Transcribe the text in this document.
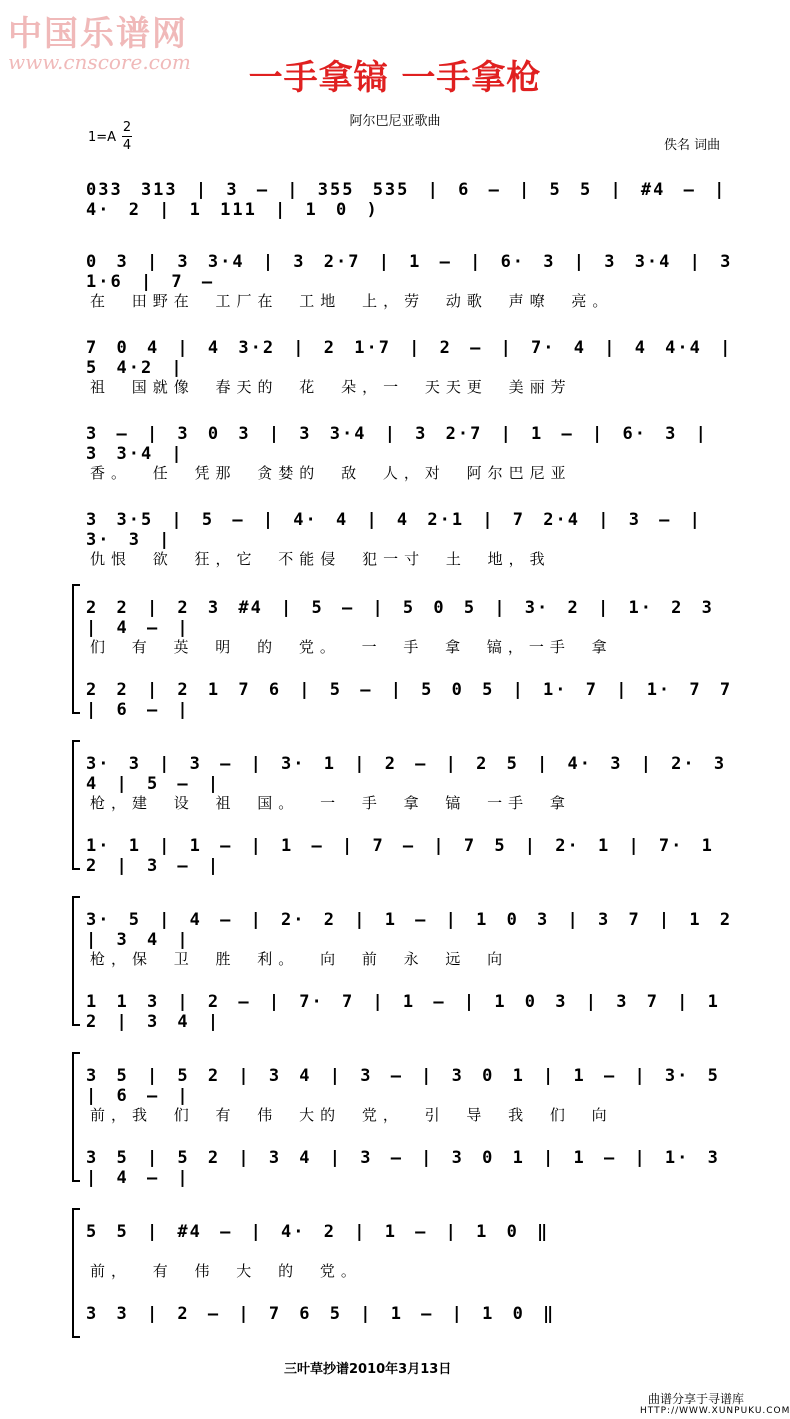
中国乐谱网
www.cnscore.com	一手拿镐 一手拿枪
阿尔巴尼亚歌曲
1=A
2
4	佚名 词曲
033 313 | 3 – | 355 535 | 6 – | 5 5 | #4 – | 4· 2 | 1 111 | 1 0 )
0 3 | 3 3·4 | 3 2·7 | 1 – | 6· 3 | 3 3·4 | 3 1·6 | 7 –
在 田野在 工厂在 工地 上，劳 动歌 声嘹 亮。
7 0 4 | 4 3·2 | 2 1·7 | 2 – | 7· 4 | 4 4·4 | 5 4·2 |
祖 国就像 春天的 花 朵，一 天天更 美丽芳
3 – | 3 0 3 | 3 3·4 | 3 2·7 | 1 – | 6· 3 | 3 3·4 |
香。 任 凭那 贪婪的 敌 人，对 阿尔巴尼亚
3 3·5 | 5 – | 4· 4 | 4 2·1 | 7 2·4 | 3 – | 3· 3 |
仇恨 欲 狂，它 不能侵 犯一寸 土 地，我
2 2 | 2 3 #4 | 5 – | 5 0 5 | 3· 2 | 1· 2 3 | 4 – |
们 有 英 明 的 党。 一 手 拿 镐，一手 拿
2 2 | 2 1 7 6 | 5 – | 5 0 5 | 1· 7 | 1· 7 7 | 6 – |
3· 3 | 3 – | 3· 1 | 2 – | 2 5 | 4· 3 | 2· 3 4 | 5 – |
枪，建 设 祖 国。 一 手 拿 镐 一手 拿
1· 1 | 1 – | 1 – | 7 – | 7 5 | 2· 1 | 7· 1 2 | 3 – |
3· 5 | 4 – | 2· 2 | 1 – | 1 0 3 | 3 7 | 1 2 | 3 4 |
枪，保 卫 胜 利。 向 前 永 远 向
1 1 3 | 2 – | 7· 7 | 1 – | 1 0 3 | 3 7 | 1 2 | 3 4 |
3 5 | 5 2 | 3 4 | 3 – | 3 0 1 | 1 – | 3· 5 | 6 – |
前，我 们 有 伟 大的 党， 引 导 我 们 向
3 5 | 5 2 | 3 4 | 3 – | 3 0 1 | 1 – | 1· 3 | 4 – |
5 5 | #4 – | 4· 2 | 1 – | 1 0 ‖
前， 有 伟 大 的 党。
3 3 | 2 – | 7 6 5 | 1 – | 1 0 ‖
三叶草抄谱2010年3月13日
曲谱分享于寻谱库
HTTP://WWW.XUNPUKU.COM
